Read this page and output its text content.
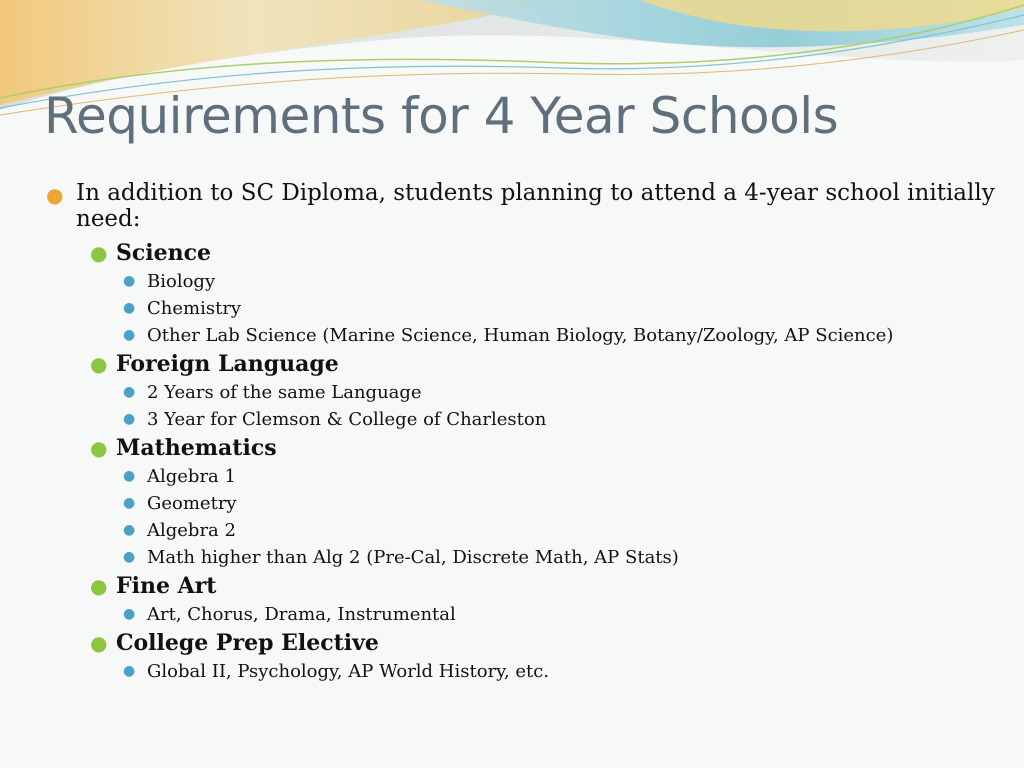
Requirements for 4 Year Schools
● In addition to SC Diploma, students planning to attend a 4-year school initially need:
● Science
● Biology
● Chemistry
● Other Lab Science (Marine Science, Human Biology, Botany/Zoology, AP Science)
● Foreign Language
● 2 Years of the same Language
● 3 Year for Clemson & College of Charleston
● Mathematics
● Algebra 1
● Geometry
● Algebra 2
● Math higher than Alg 2 (Pre-Cal, Discrete Math, AP Stats)
● Fine Art
● Art, Chorus, Drama, Instrumental
● College Prep Elective
● Global II, Psychology, AP World History, etc.
